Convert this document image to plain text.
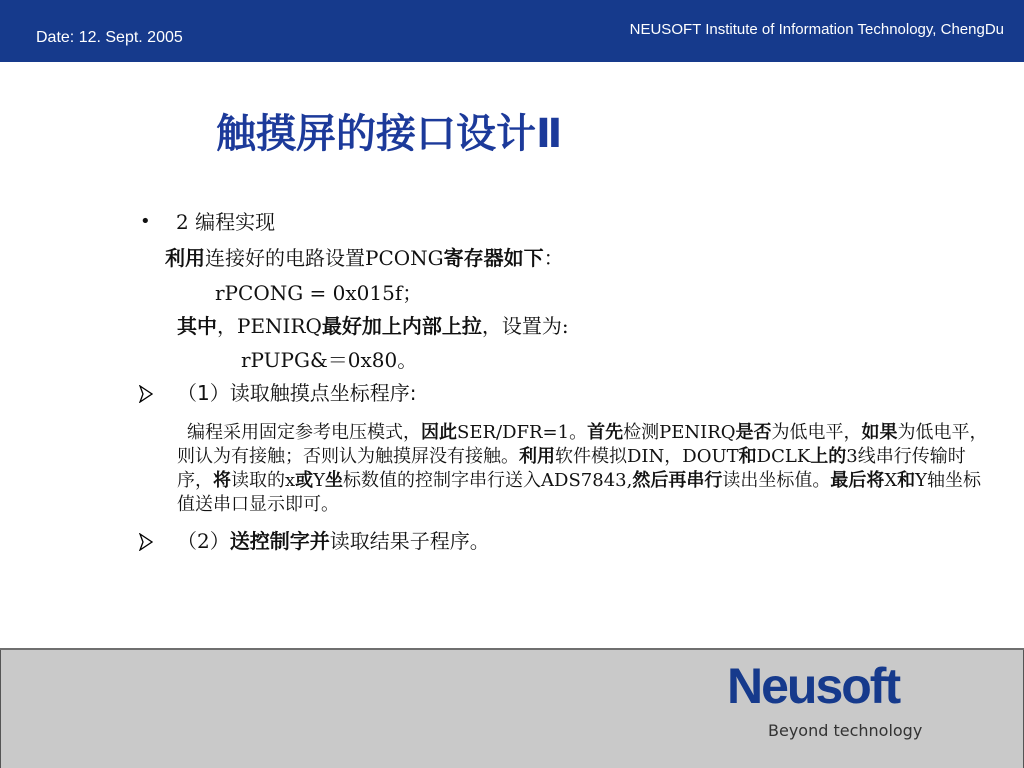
Date: 12. Sept. 2005	NEUSOFT Institute of Information Technology, ChengDu
触摸屏的接口设计Ⅱ
• 2 编程实现
利用连接好的电路设置PCONG寄存器如下：
rPCONG = 0x015f；
其中，PENIRQ最好加上内部上拉，设置为:
rPUPG&＝0x80。
（1）读取触摸点坐标程序:

编程采用固定参考电压模式，因此SER/DFR=1。首先检测PENIRQ是否为低电平，如果为低电平，则认为有接触；否则认为触摸屏没有接触。利用软件模拟DIN，DOUT和DCLK上的3线串行传输时序，将读取的x或Y坐标数值的控制字串行送入ADS7843,然后再串行读出坐标值。最后将X和Y轴坐标值送串口显示即可。

（2）送控制字并读取结果子程序。
Neusoft
Beyond technology
